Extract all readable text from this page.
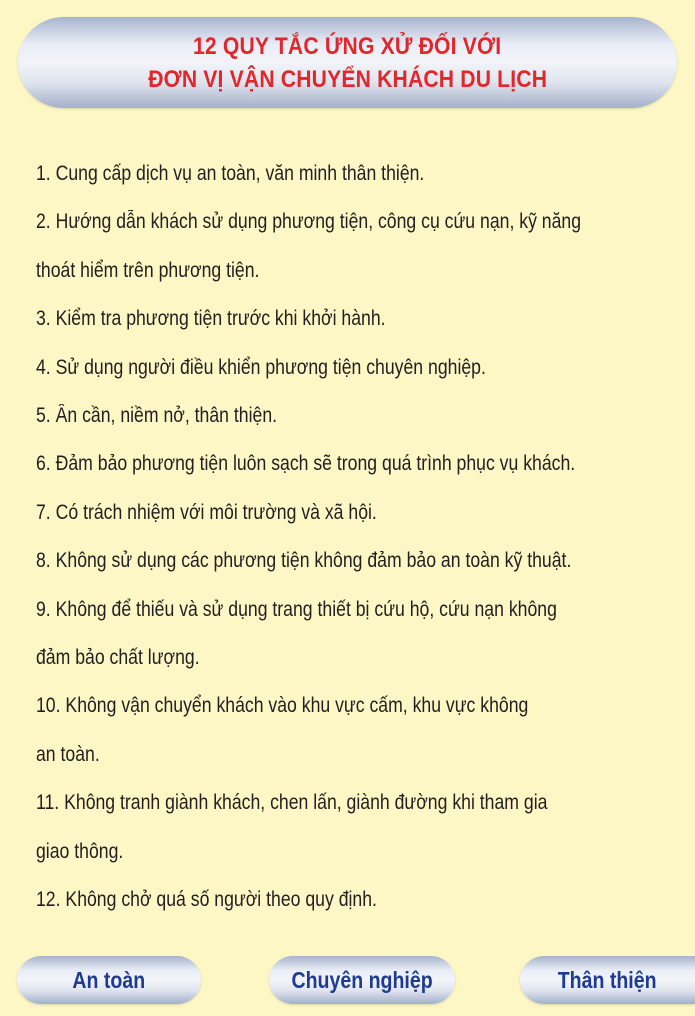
12 QUY TẮC ỨNG XỬ ĐỐI VỚI
ĐƠN VỊ VẬN CHUYỂN KHÁCH DU LỊCH
1. Cung cấp dịch vụ an toàn, văn minh thân thiện.
2. Hướng dẫn khách sử dụng phương tiện, công cụ cứu nạn, kỹ năng
thoát hiểm trên phương tiện.
3. Kiểm tra phương tiện trước khi khởi hành.
4. Sử dụng người điều khiển phương tiện chuyên nghiệp.
5. Ân cần, niềm nở, thân thiện.
6. Đảm bảo phương tiện luôn sạch sẽ trong quá trình phục vụ khách.
7. Có trách nhiệm với môi trường và xã hội.
8. Không sử dụng các phương tiện không đảm bảo an toàn kỹ thuật.
9. Không để thiếu và sử dụng trang thiết bị cứu hộ, cứu nạn không
đảm bảo chất lượng.
10. Không vận chuyển khách vào khu vực cấm, khu vực không
an toàn.
11. Không tranh giành khách, chen lấn, giành đường khi tham gia
giao thông.
12. Không chở quá số người theo quy định.
An toàn	Chuyên nghiệp	Thân thiện
